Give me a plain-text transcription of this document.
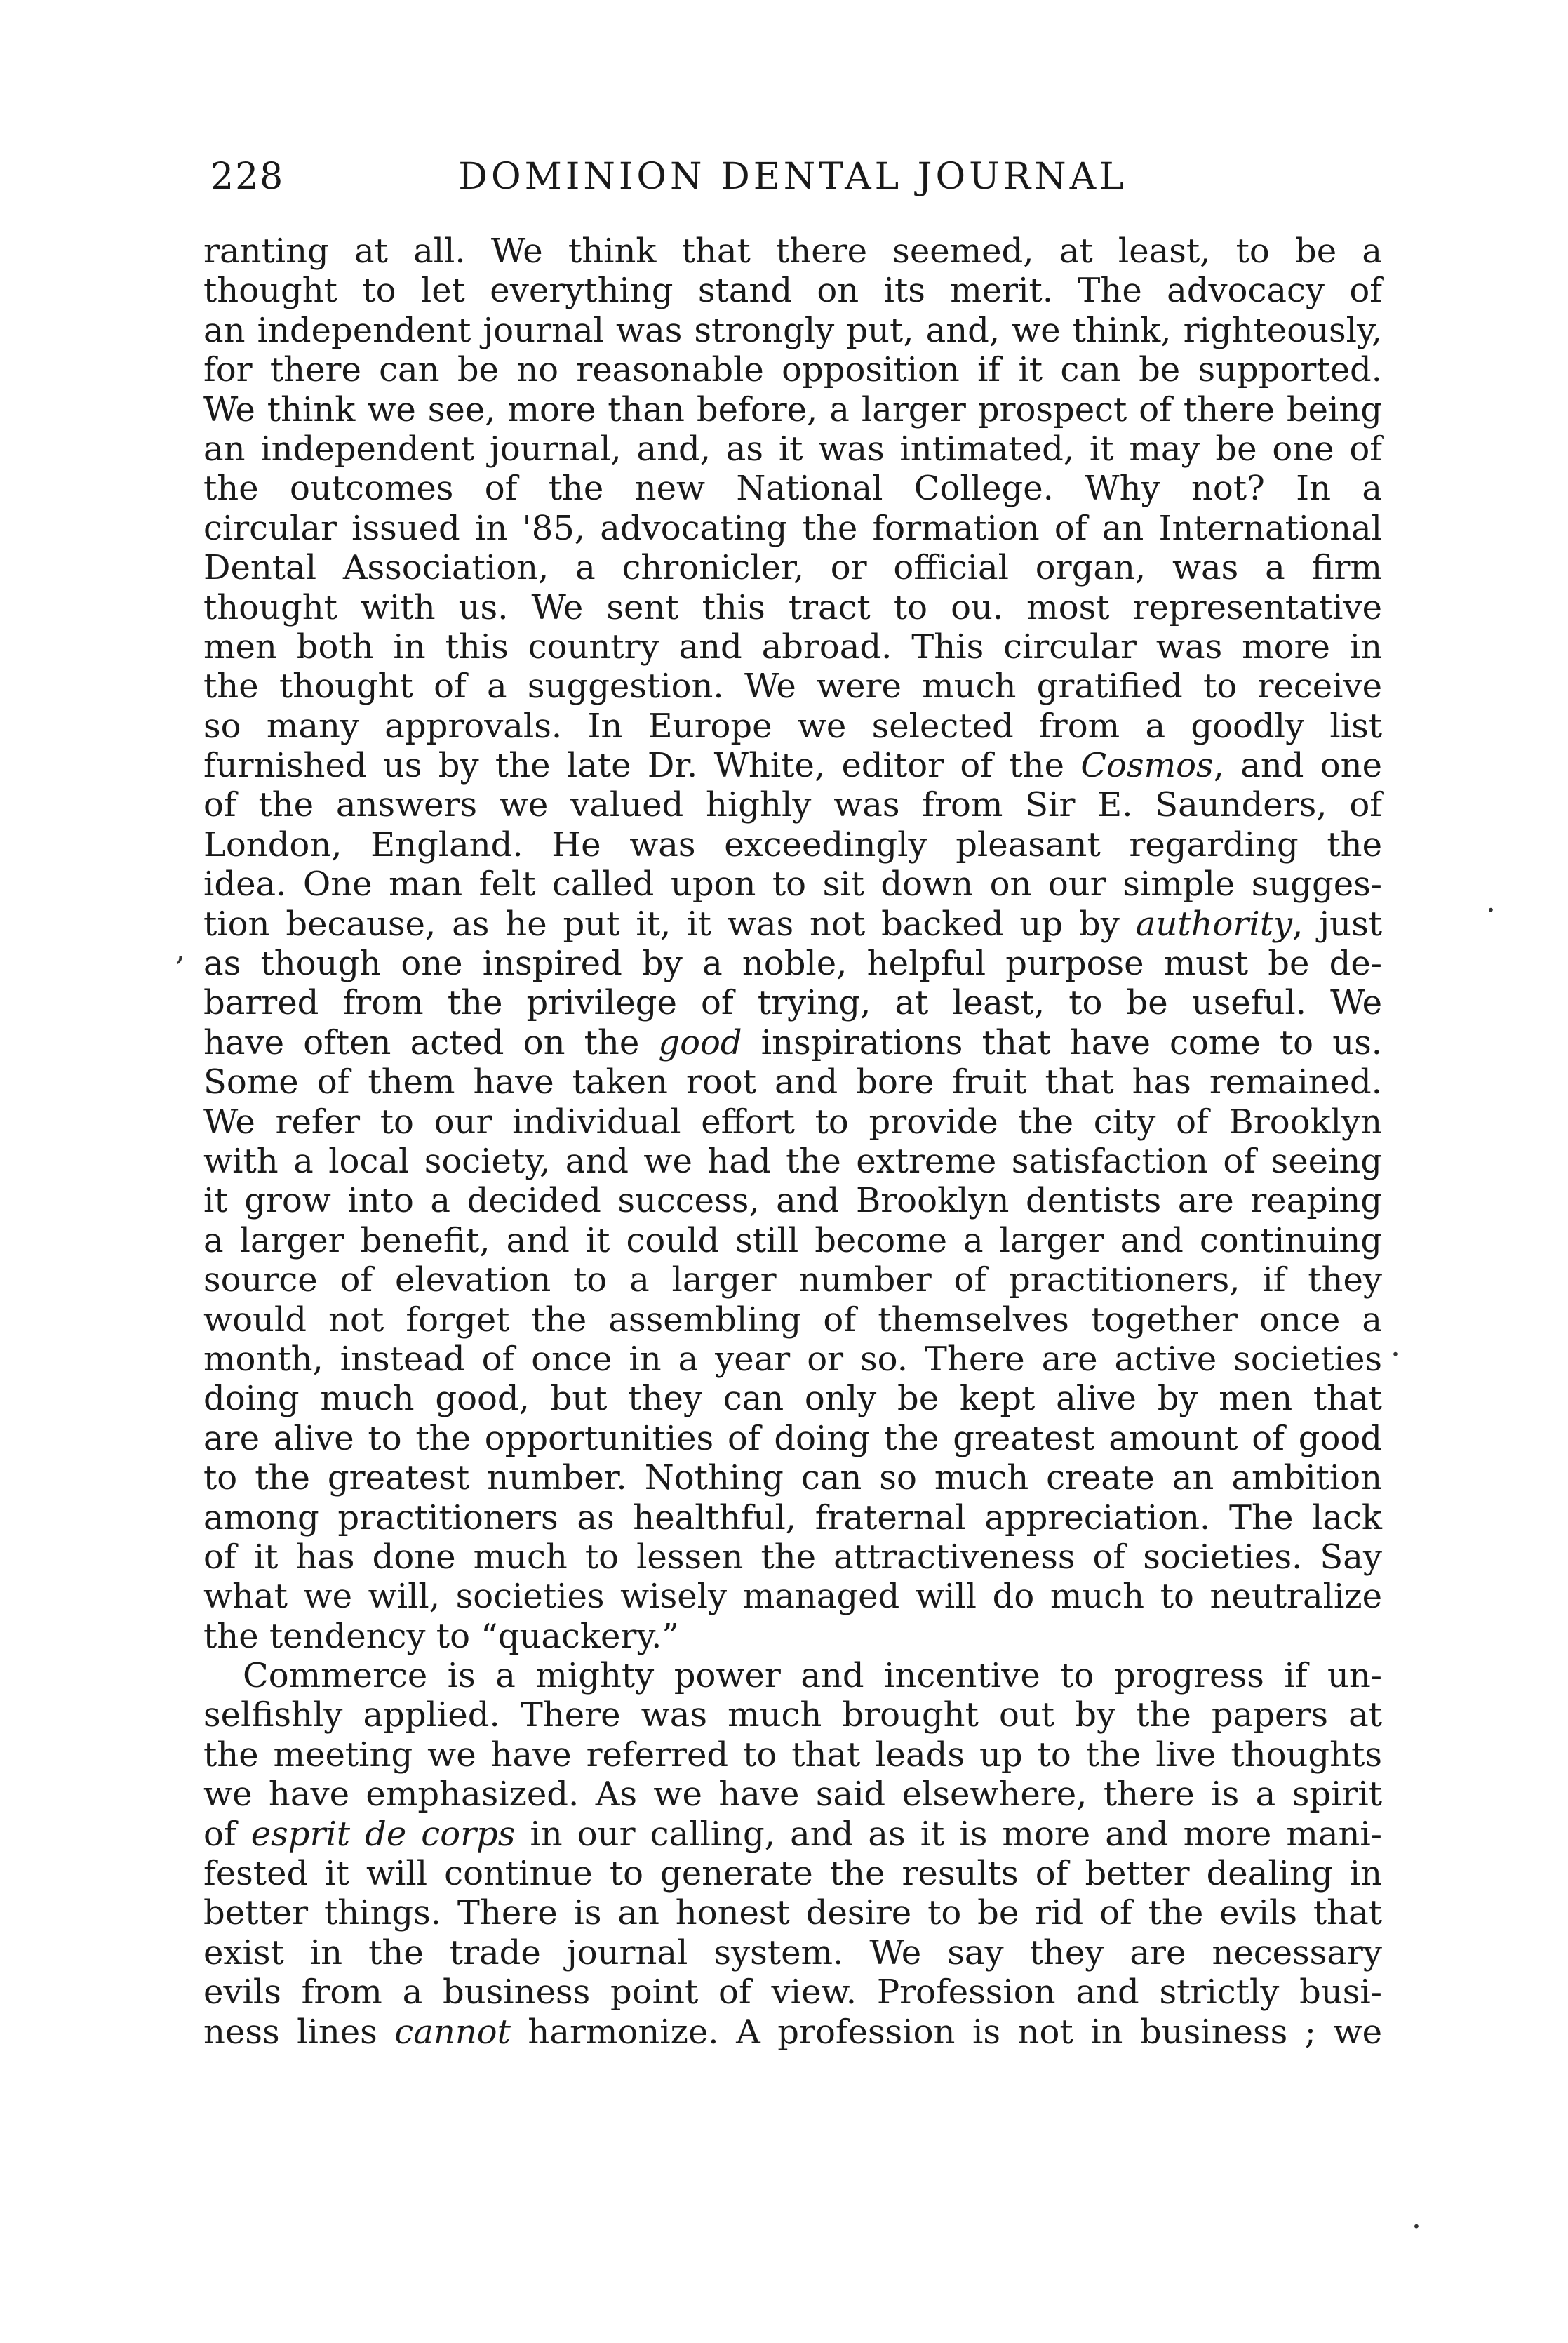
228	DOMINION DENTAL JOURNAL
ranting at all. We think that there seemed, at least, to be a
thought to let everything stand on its merit. The advocacy of
an independent journal was strongly put, and, we think, righteously,
for there can be no reasonable opposition if it can be supported.
We think we see, more than before, a larger prospect of there being
an independent journal, and, as it was intimated, it may be one of
the outcomes of the new National College. Why not? In a
circular issued in '85, advocating the formation of an International
Dental Association, a chronicler, or official organ, was a firm
thought with us. We sent this tract to ou. most representative
men both in this country and abroad. This circular was more in
the thought of a suggestion. We were much gratified to receive
so many approvals. In Europe we selected from a goodly list
furnished us by the late Dr. White, editor of the Cosmos, and one
of the answers we valued highly was from Sir E. Saunders, of
London, England. He was exceedingly pleasant regarding the
idea. One man felt called upon to sit down on our simple sugges-
tion because, as he put it, it was not backed up by authority, just
as though one inspired by a noble, helpful purpose must be de-
barred from the privilege of trying, at least, to be useful. We
have often acted on the good inspirations that have come to us.
Some of them have taken root and bore fruit that has remained.
We refer to our individual effort to provide the city of Brooklyn
with a local society, and we had the extreme satisfaction of seeing
it grow into a decided success, and Brooklyn dentists are reaping
a larger benefit, and it could still become a larger and continuing
source of elevation to a larger number of practitioners, if they
would not forget the assembling of themselves together once a
month, instead of once in a year or so. There are active societies
doing much good, but they can only be kept alive by men that
are alive to the opportunities of doing the greatest amount of good
to the greatest number. Nothing can so much create an ambition
among practitioners as healthful, fraternal appreciation. The lack
of it has done much to lessen the attractiveness of societies. Say
what we will, societies wisely managed will do much to neutralize
the tendency to “quackery.”
Commerce is a mighty power and incentive to progress if un-
selfishly applied. There was much brought out by the papers at
the meeting we have referred to that leads up to the live thoughts
we have emphasized. As we have said elsewhere, there is a spirit
of esprit de corps in our calling, and as it is more and more mani-
fested it will continue to generate the results of better dealing in
better things. There is an honest desire to be rid of the evils that
exist in the trade journal system. We say they are necessary
evils from a business point of view. Profession and strictly busi-
ness lines cannot harmonize. A profession is not in business ; we
·
,
.
·
